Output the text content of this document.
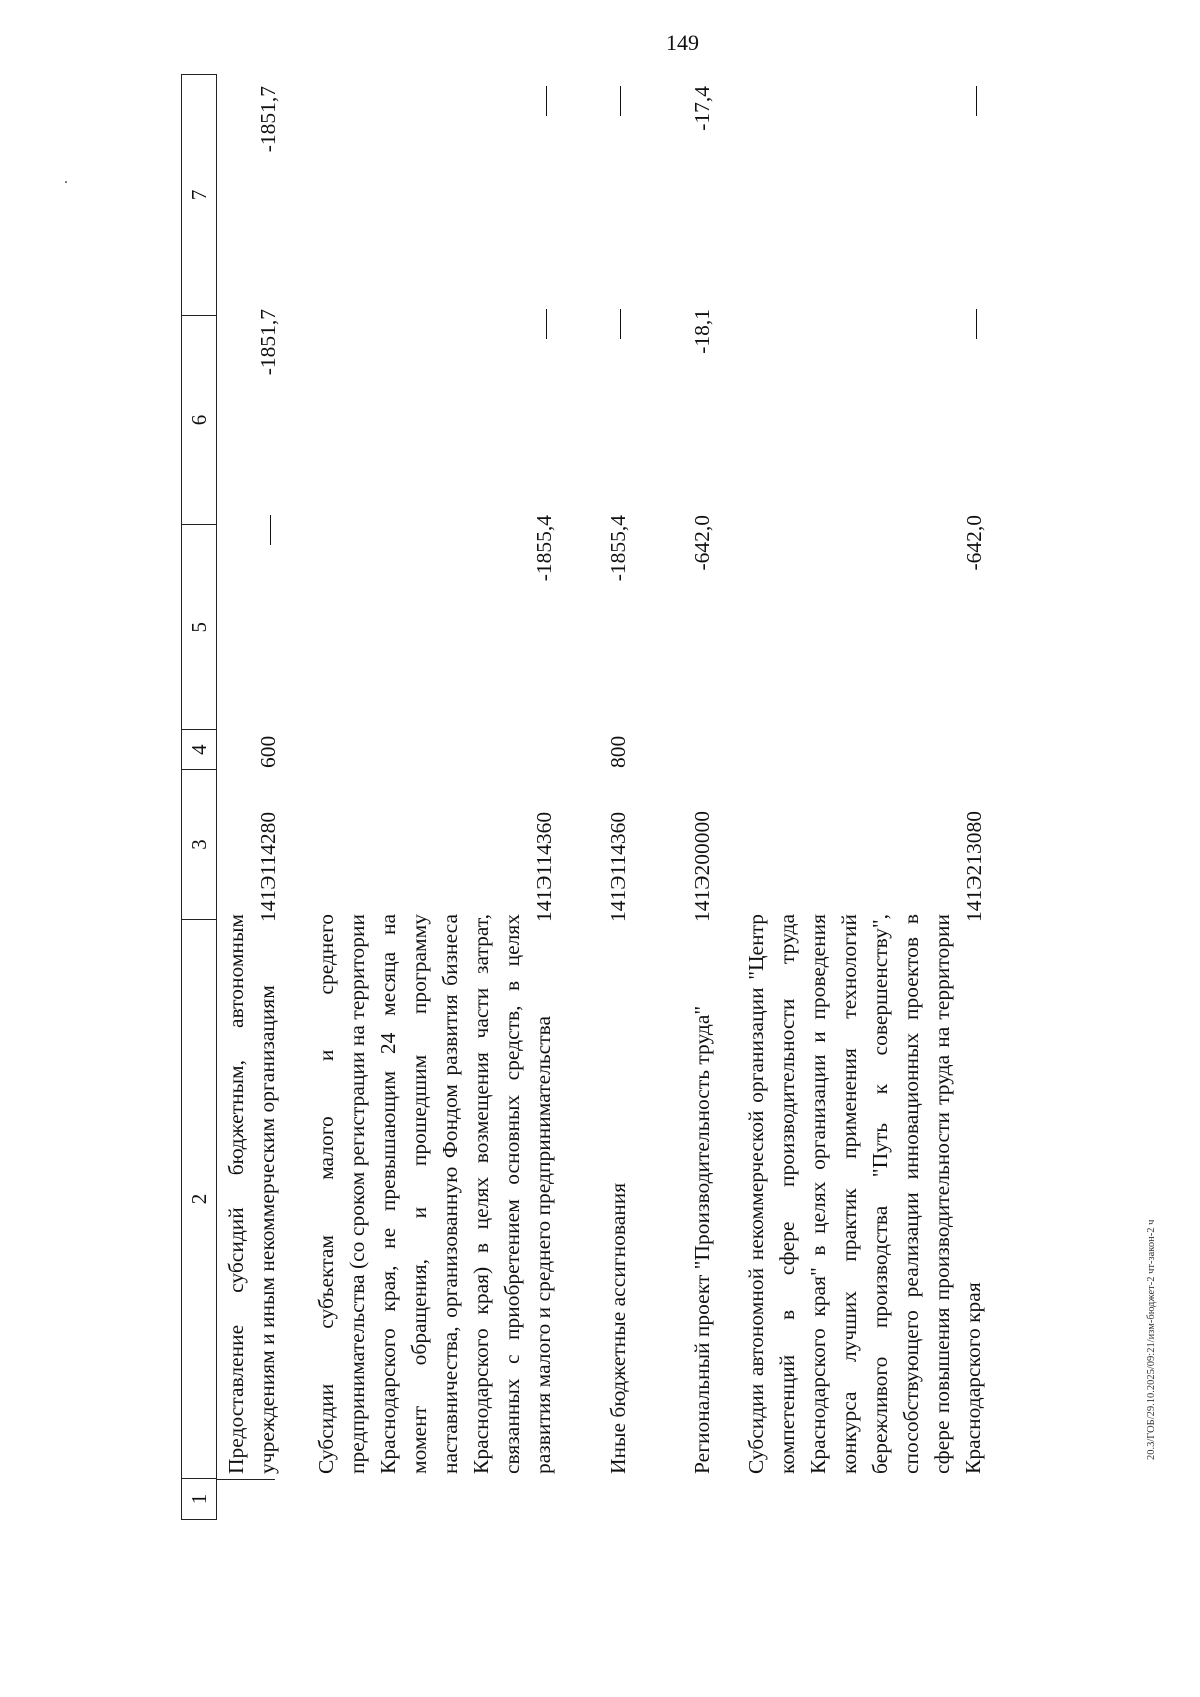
149
.
20.3/ГОБ/29.10.2025/09:21/изм-бюджет-2 чт-закон-2 ч
1
2
3
4
5
6
7
Предоставление субсидий бюджетным, автономным учреждениям и иным некоммерческим организациям
141Э114280
600
-1851,7
-1851,7
Субсидии субъектам малого и среднего предпринимательства (со сроком регистрации на территории Краснодарского края, не превышающим 24 месяца на момент обращения, и прошедшим программу наставничества, организованную Фондом развития бизнеса Краснодарского края) в целях возмещения части затрат, связанных с приобретением основных средств, в целях развития малого и среднего предпринимательства
141Э114360
-1855,4
Иные бюджетные ассигнования
141Э114360
800
-1855,4
Региональный проект "Производительность труда"
141Э200000
-642,0
-18,1
-17,4
Субсидии автономной некоммерческой организации "Центр компетенций в сфере производительности труда Краснодарского края" в целях организации и проведения конкурса лучших практик применения технологий бережливого производства "Путь к совершенству", способствующего реализации инновационных проектов в сфере повышения производительности труда на территории Краснодарского края
141Э213080
-642,0
